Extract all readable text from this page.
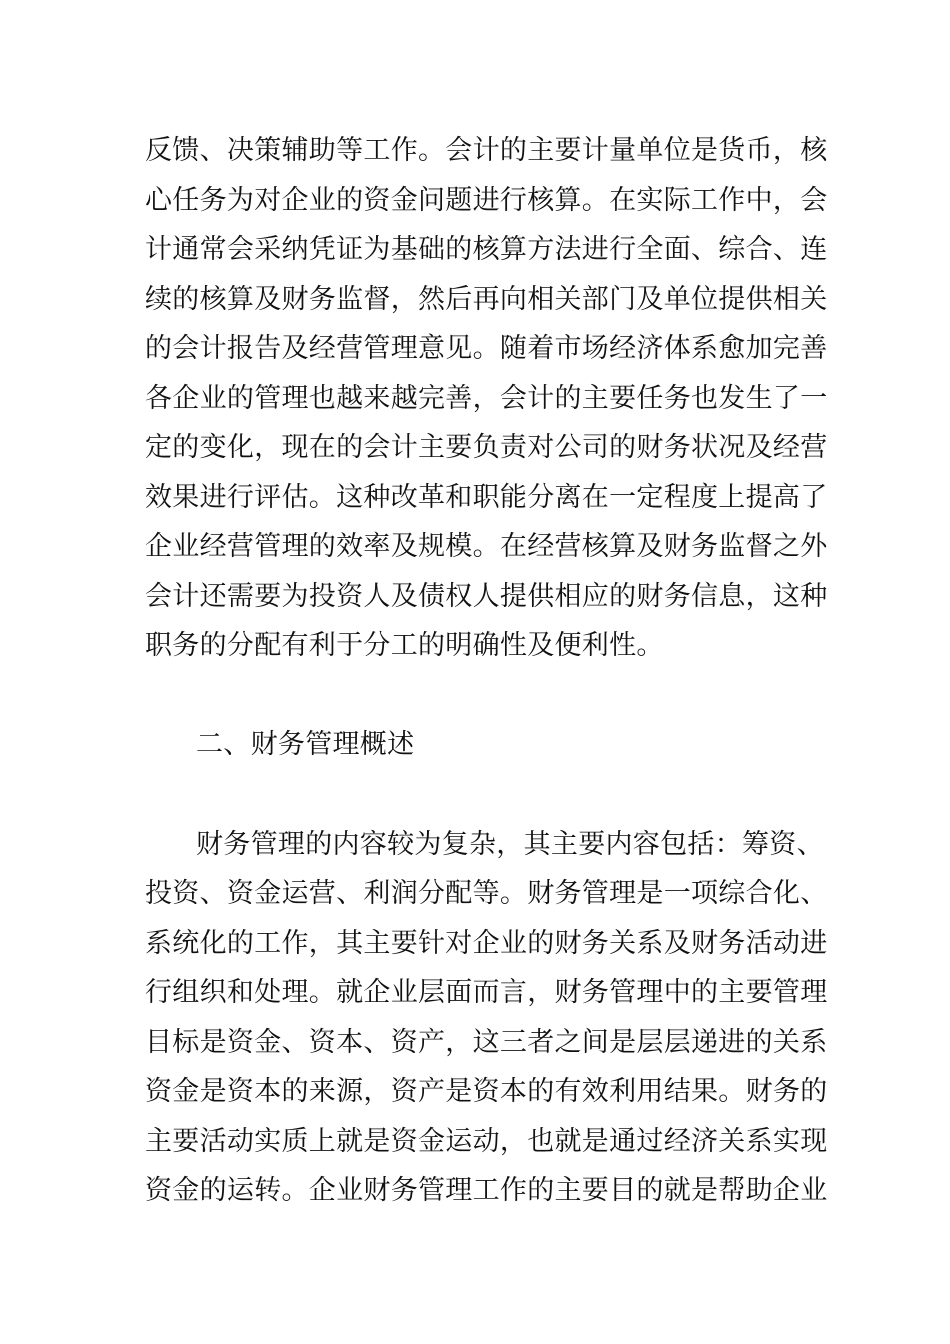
反馈、决策辅助等工作。会计的主要计量单位是货币，核
心任务为对企业的资金问题进行核算。在实际工作中，会
计通常会采纳凭证为基础的核算方法进行全面、综合、连
续的核算及财务监督，然后再向相关部门及单位提供相关
的会计报告及经营管理意见。随着市场经济体系愈加完善
各企业的管理也越来越完善，会计的主要任务也发生了一
定的变化，现在的会计主要负责对公司的财务状况及经营
效果进行评估。这种改革和职能分离在一定程度上提高了
企业经营管理的效率及规模。在经营核算及财务监督之外
会计还需要为投资人及债权人提供相应的财务信息，这种
职务的分配有利于分工的明确性及便利性。
二、财务管理概述
财务管理的内容较为复杂，其主要内容包括：筹资、
投资、资金运营、利润分配等。财务管理是一项综合化、
系统化的工作，其主要针对企业的财务关系及财务活动进
行组织和处理。就企业层面而言，财务管理中的主要管理
目标是资金、资本、资产，这三者之间是层层递进的关系
资金是资本的来源，资产是资本的有效利用结果。财务的
主要活动实质上就是资金运动，也就是通过经济关系实现
资金的运转。企业财务管理工作的主要目的就是帮助企业
